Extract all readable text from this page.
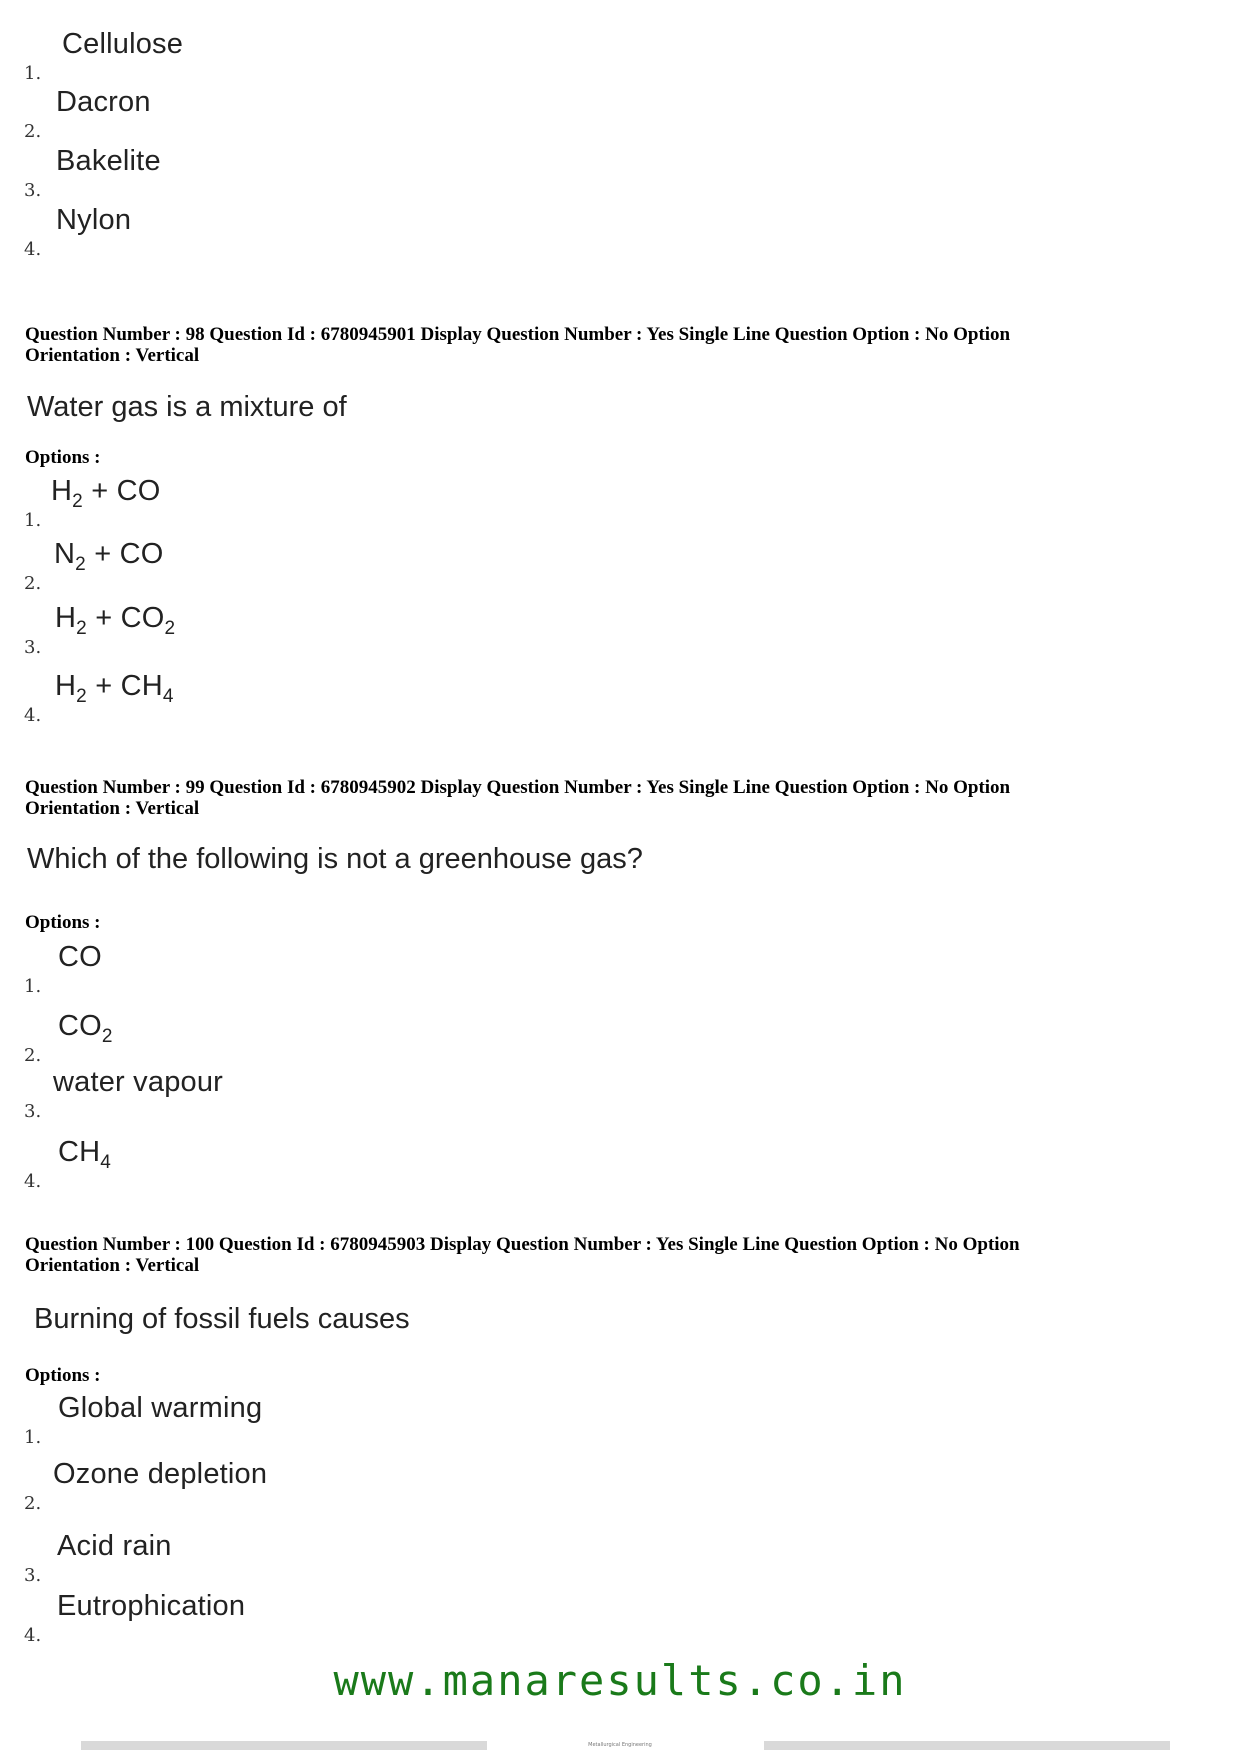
1.
Cellulose
2.
Dacron
3.
Bakelite
4.
Nylon
Question Number : 98 Question Id : 6780945901 Display Question Number : Yes Single Line Question Option : No Option
Orientation : Vertical
Water gas is a mixture of
Options :
1.
$H_2$ + CO
2.
$N_2$ + CO
3.
$H_2 + CO_2$
4.
$H_2 + CH_4$
Question Number : 99 Question Id : 6780945902 Display Question Number : Yes Single Line Question Option : No Option
Orientation : Vertical
Which of the following is not a greenhouse gas?
Options :
1.
CO
2.
$CO_2$
3.
water vapour
4.
$CH_4$
Question Number : 100 Question Id : 6780945903 Display Question Number : Yes Single Line Question Option : No Option
Orientation : Vertical
Burning of fossil fuels causes
Options :
1.
Global warming
2.
Ozone depletion
3.
Acid rain
4.
Eutrophication
www.manaresults.co.in
Metallurgical Engineering
